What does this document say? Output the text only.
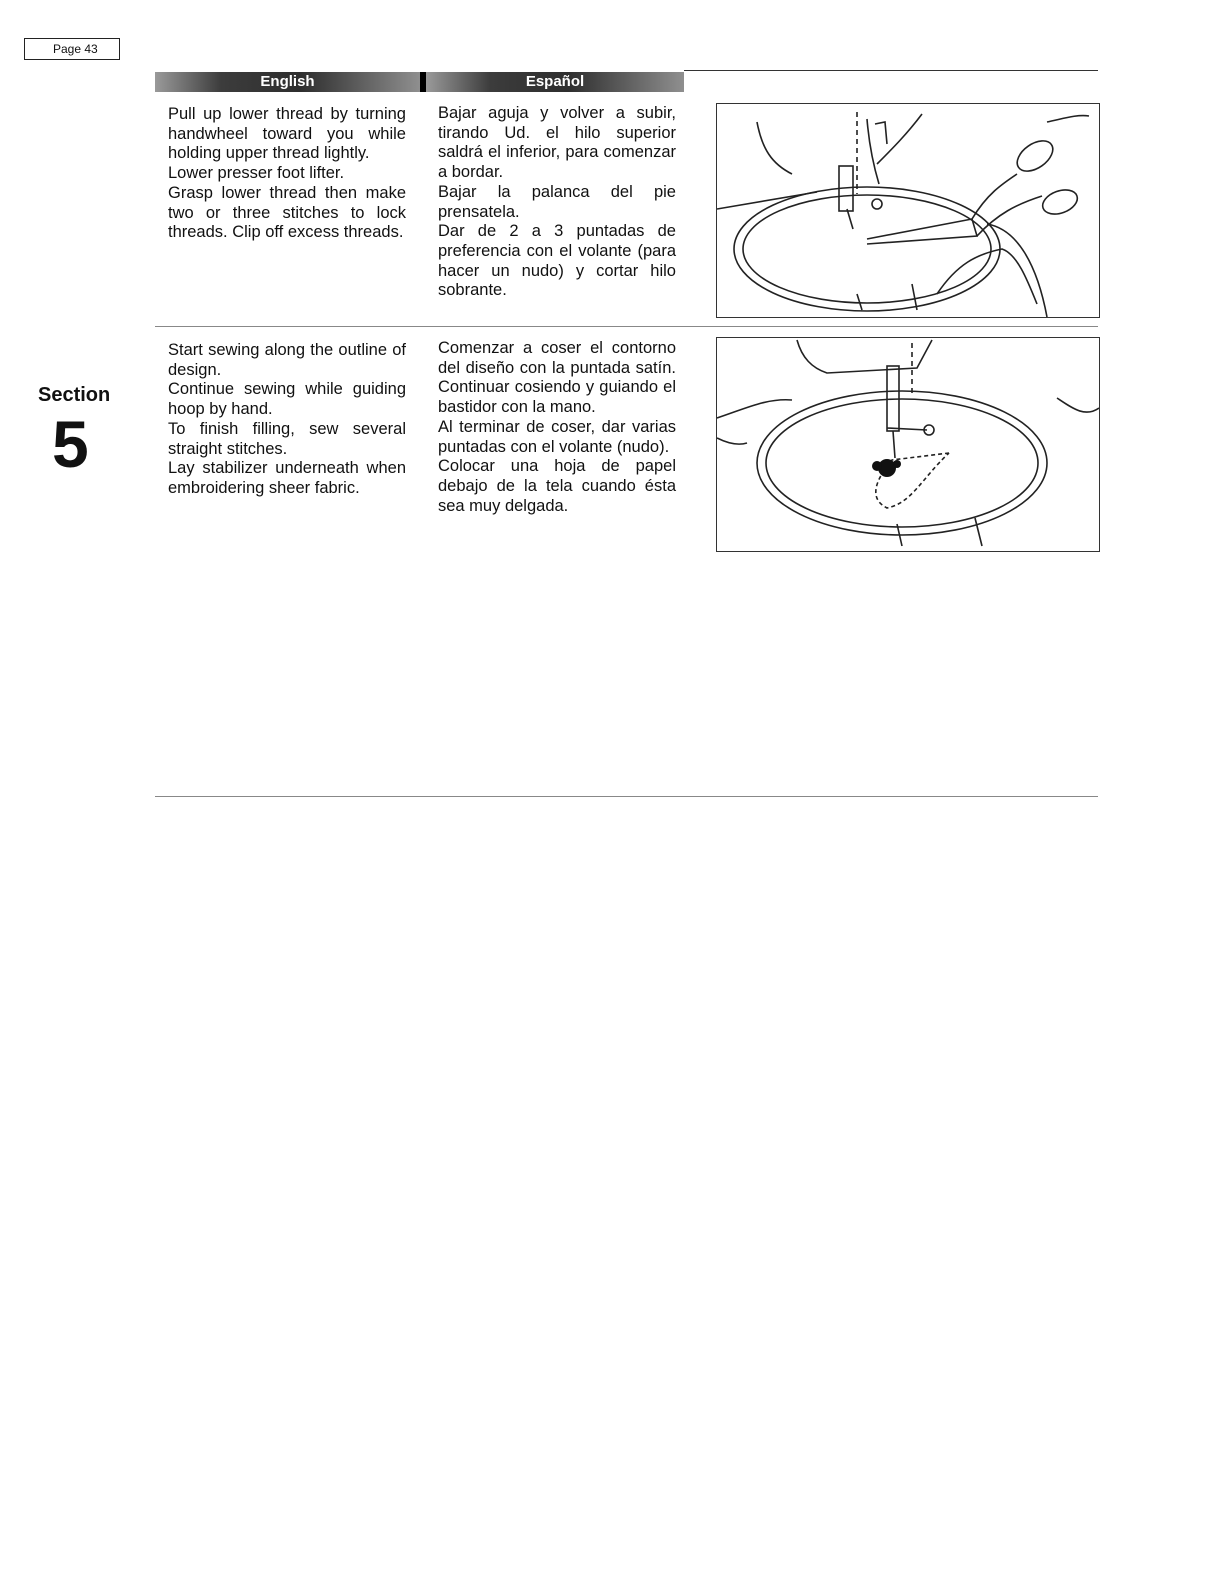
Page 43
Section
5
English	Español

Pull up lower thread by turning handwheel toward you while holding upper thread lightly.

Lower presser foot lifter.

Grasp lower thread then make two or three stitches to lock threads. Clip off excess threads.

Bajar aguja y volver a subir, tirando Ud. el hilo superior saldrá el inferior, para comenzar a bordar.

Bajar la palanca del pie prensatela.

Dar de 2 a 3 puntadas de preferencia con el volante (para hacer un nudo) y cortar hilo sobrante.

Start sewing along the outline of design.

Continue sewing while guiding hoop by hand.

To finish filling, sew several straight stitches.

Lay stabilizer underneath when embroidering sheer fabric.

Comenzar a coser el contorno del diseño con la puntada satín. Continuar cosiendo y guiando el bastidor con la mano.

Al terminar de coser, dar varias puntadas con el volante (nudo).

Colocar una hoja de papel debajo de la tela cuando ésta sea muy delgada.
